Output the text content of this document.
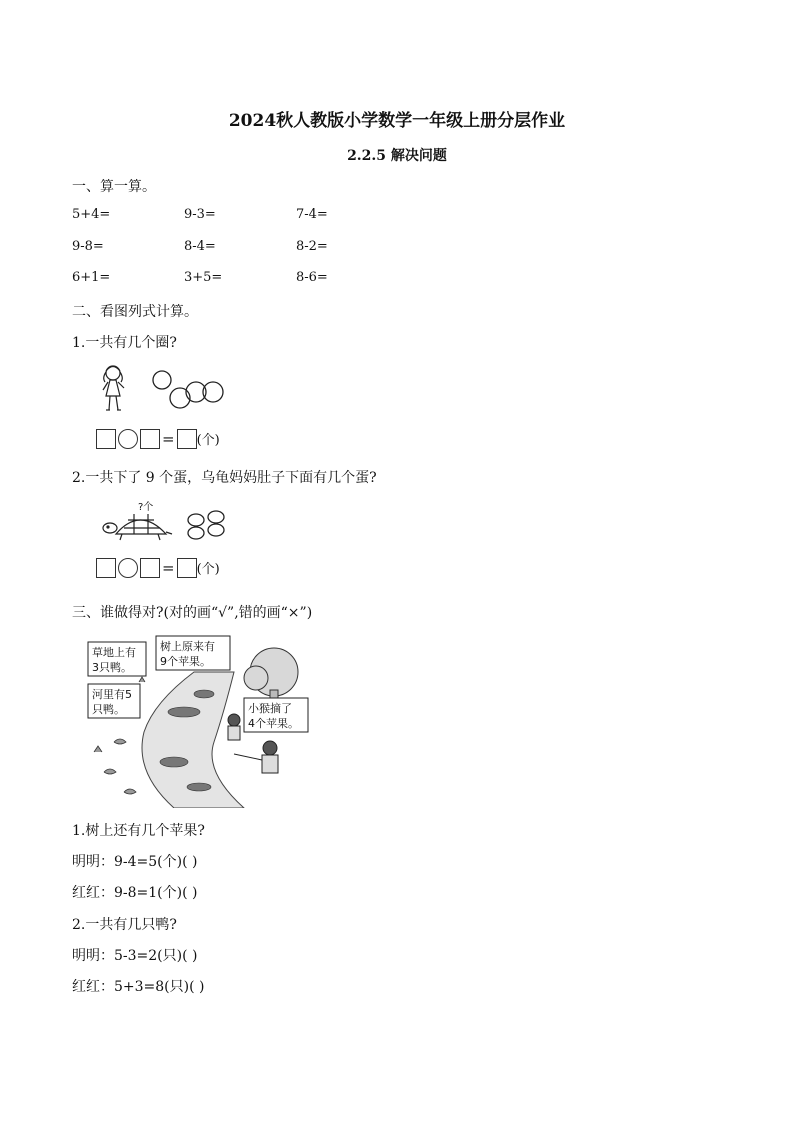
2024秋人教版小学数学一年级上册分层作业
2.2.5 解决问题
一、算一算。
5+4=	9-3=	7-4=
9-8=	8-4=	8-2=
6+1=	3+5=	8-6=
二、看图列式计算。
1.一共有几个圈?
= (个)
2.一共下了 9 个蛋，乌龟妈妈肚子下面有几个蛋?
?个
= (个)
三、谁做得对?(对的画“√”,错的画“×”)
草地上有
3只鸭。
树上原来有
9个苹果。
河里有5
只鸭。	小猴摘了
4个苹果。
1.树上还有几个苹果?
明明：9-4=5(个)( )
红红：9-8=1(个)( )
2.一共有几只鸭?
明明：5-3=2(只)( )
红红：5+3=8(只)( )
